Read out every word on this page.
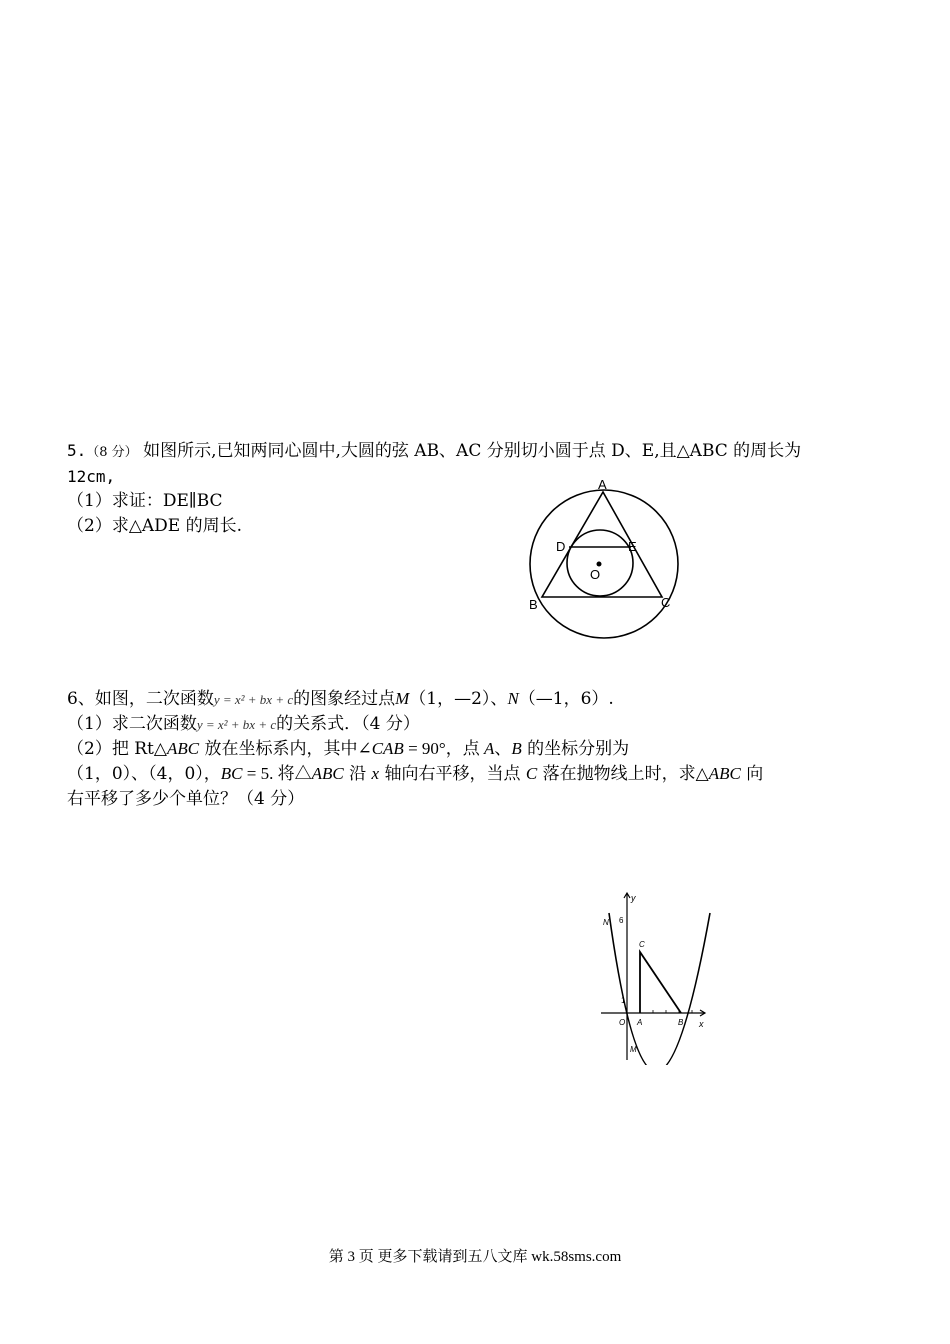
5.（8 分） 如图所示,已知两同心圆中,大圆的弦 AB、AC 分别切小圆于点 D、E,且△ABC 的周长为
12cm,
（1）求证：DE∥BC
（2）求△ADE 的周长.
A
D	E
O
B	C
6、如图，二次函数y = x² + bx + c的图象经过点M（1，—2）、N（—1，6）.
（1）求二次函数y = x² + bx + c的关系式．（4 分）
（2）把 Rt△ABC 放在坐标系内，其中∠CAB = 90°，点 A、B 的坐标分别为
（1，0）、（4，0），BC = 5. 将△ABC 沿 x 轴向右平移，当点 C 落在抛物线上时，求△ABC 向
右平移了多少个单位？（4 分）
y
N 6
C
1
O A	B x
M
第 3 页 更多下载请到五八文库 wk.58sms.com
